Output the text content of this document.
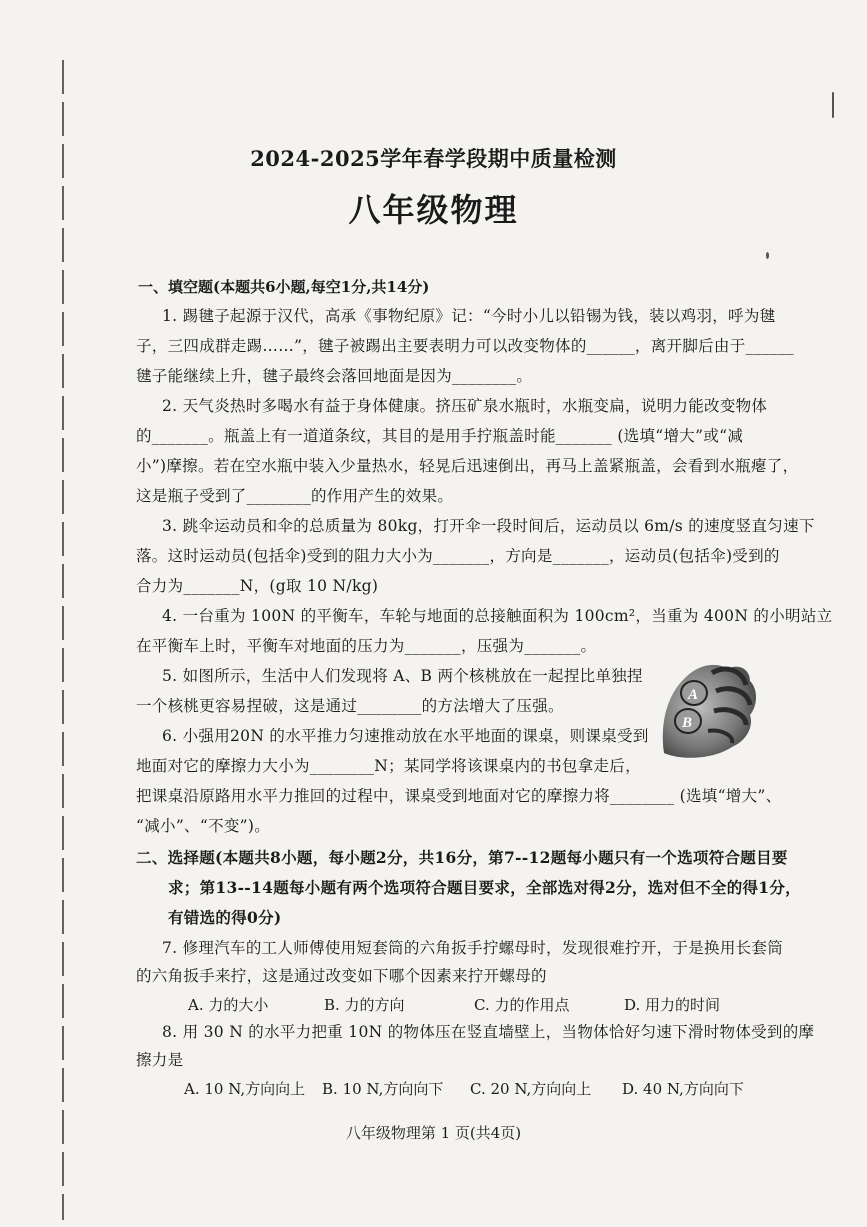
2024-2025学年春学段期中质量检测
八年级物理
一、填空题(本题共6小题,每空1分,共14分)
1. 踢毽子起源于汉代，高承《事物纪原》记：“今时小儿以铅锡为钱，装以鸡羽，呼为毽
子，三四成群走踢……”，毽子被踢出主要表明力可以改变物体的______，离开脚后由于______
毽子能继续上升，毽子最终会落回地面是因为________。
2. 天气炎热时多喝水有益于身体健康。挤压矿泉水瓶时，水瓶变扁，说明力能改变物体
的_______。瓶盖上有一道道条纹，其目的是用手拧瓶盖时能_______ (选填“增大”或“减
小”)摩擦。若在空水瓶中装入少量热水，轻晃后迅速倒出，再马上盖紧瓶盖，会看到水瓶瘪了，
这是瓶子受到了________的作用产生的效果。
3. 跳伞运动员和伞的总质量为 80kg，打开伞一段时间后，运动员以 6m/s 的速度竖直匀速下
落。这时运动员(包括伞)受到的阻力大小为_______，方向是_______，运动员(包括伞)受到的
合力为_______N，(g取 10 N/kg)
4. 一台重为 100N 的平衡车，车轮与地面的总接触面积为 100cm²，当重为 400N 的小明站立
在平衡车上时，平衡车对地面的压力为_______，压强为_______。
5. 如图所示，生活中人们发现将 A、B 两个核桃放在一起捏比单独捏
一个核桃更容易捏破，这是通过________的方法增大了压强。
6. 小强用20N 的水平推力匀速推动放在水平地面的课桌，则课桌受到
地面对它的摩擦力大小为________N；某同学将该课桌内的书包拿走后，
把课桌沿原路用水平力推回的过程中，课桌受到地面对它的摩擦力将________ (选填“增大”、
“减小”、“不变”)。
A
B
二、选择题(本题共8小题，每小题2分，共16分，第7--12题每小题只有一个选项符合题目要
求；第13--14题每小题有两个选项符合题目要求，全部选对得2分，选对但不全的得1分，
有错选的得0分)
7. 修理汽车的工人师傅使用短套筒的六角扳手拧螺母时，发现很难拧开，于是换用长套筒
的六角扳手来拧，这是通过改变如下哪个因素来拧开螺母的
A. 力的大小	B. 力的方向	C. 力的作用点	D. 用力的时间
8. 用 30 N 的水平力把重 10N 的物体压在竖直墙壁上，当物体恰好匀速下滑时物体受到的摩
擦力是
A. 10 N,方向向上 B. 10 N,方向向下 C. 20 N,方向向上 D. 40 N,方向向下
八年级物理第 1 页(共4页)
